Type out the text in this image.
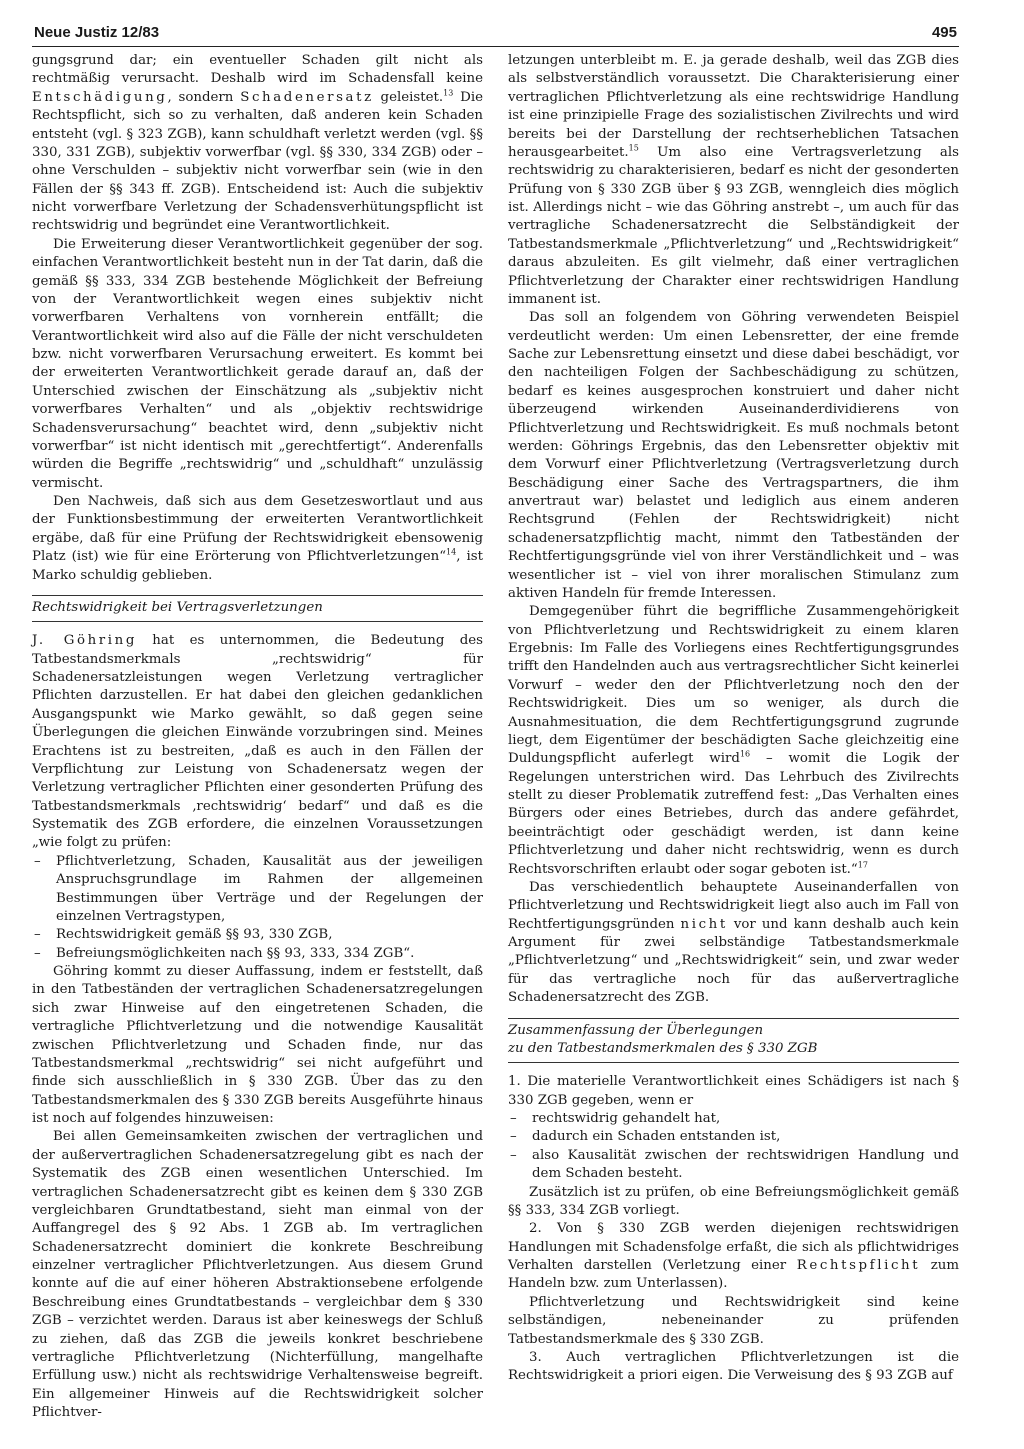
Neue Justiz 12/83	495

gungsgrund dar; ein eventueller Schaden gilt nicht als rechtmäßig verursacht. Deshalb wird im Schadensfall keine Entschädigung, sondern Schadenersatz geleistet.$^{13}$ Die Rechtspflicht, sich so zu verhalten, daß anderen kein Schaden entsteht (vgl. § 323 ZGB), kann schuldhaft verletzt werden (vgl. §§ 330, 331 ZGB), subjektiv vorwerfbar (vgl. §§ 330, 334 ZGB) oder – ohne Verschulden – subjektiv nicht vorwerfbar sein (wie in den Fällen der §§ 343 ff. ZGB). Entscheidend ist: Auch die subjektiv nicht vorwerfbare Verletzung der Schadensverhütungspflicht ist rechtswidrig und begründet eine Verantwortlichkeit.

Die Erweiterung dieser Verantwortlichkeit gegenüber der sog. einfachen Verantwortlichkeit besteht nun in der Tat darin, daß die gemäß §§ 333, 334 ZGB bestehende Möglichkeit der Befreiung von der Verantwortlichkeit wegen eines subjektiv nicht vorwerfbaren Verhaltens von vornherein entfällt; die Verantwortlichkeit wird also auf die Fälle der nicht verschuldeten bzw. nicht vorwerfbaren Verursachung erweitert. Es kommt bei der erweiterten Verantwortlichkeit gerade darauf an, daß der Unterschied zwischen der Einschätzung als „subjektiv nicht vorwerfbares Verhalten“ und als „objektiv rechtswidrige Schadensverursachung“ beachtet wird, denn „subjektiv nicht vorwerfbar“ ist nicht identisch mit „gerechtfertigt“. Anderenfalls würden die Begriffe „rechtswidrig“ und „schuldhaft“ unzulässig vermischt.

Den Nachweis, daß sich aus dem Gesetzeswortlaut und aus der Funktionsbestimmung der erweiterten Verantwortlichkeit ergäbe, daß für eine Prüfung der Rechtswidrigkeit ebensowenig Platz (ist) wie für eine Erörterung von Pflichtverletzungen“$^{14}$, ist Marko schuldig geblieben.

Rechtswidrigkeit bei Vertragsverletzungen

J. Göhring hat es unternommen, die Bedeutung des Tatbestandsmerkmals „rechtswidrig“ für Schadenersatzleistungen wegen Verletzung vertraglicher Pflichten darzustellen. Er hat dabei den gleichen gedanklichen Ausgangspunkt wie Marko gewählt, so daß gegen seine Überlegungen die gleichen Einwände vorzubringen sind. Meines Erachtens ist zu bestreiten, „daß es auch in den Fällen der Verpflichtung zur Leistung von Schadenersatz wegen der Verletzung vertraglicher Pflichten einer gesonderten Prüfung des Tatbestandsmerkmals ‚rechtswidrig‘ bedarf“ und daß es die Systematik des ZGB erfordere, die einzelnen Voraussetzungen „wie folgt zu prüfen:

– Pflichtverletzung, Schaden, Kausalität aus der jeweiligen Anspruchsgrundlage im Rahmen der allgemeinen Bestimmungen über Verträge und der Regelungen der einzelnen Vertragstypen,
– Rechtswidrigkeit gemäß §§ 93, 330 ZGB,
– Befreiungsmöglichkeiten nach §§ 93, 333, 334 ZGB“.

Göhring kommt zu dieser Auffassung, indem er feststellt, daß in den Tatbeständen der vertraglichen Schadenersatzregelungen sich zwar Hinweise auf den eingetretenen Schaden, die vertragliche Pflichtverletzung und die notwendige Kausalität zwischen Pflichtverletzung und Schaden finde, nur das Tatbestandsmerkmal „rechtswidrig“ sei nicht aufgeführt und finde sich ausschließlich in § 330 ZGB. Über das zu den Tatbestandsmerkmalen des § 330 ZGB bereits Ausgeführte hinaus ist noch auf folgendes hinzuweisen:

Bei allen Gemeinsamkeiten zwischen der vertraglichen und der außervertraglichen Schadenersatzregelung gibt es nach der Systematik des ZGB einen wesentlichen Unterschied. Im vertraglichen Schadenersatzrecht gibt es keinen dem § 330 ZGB vergleichbaren Grundtatbestand, sieht man einmal von der Auffangregel des § 92 Abs. 1 ZGB ab. Im vertraglichen Schadenersatzrecht dominiert die konkrete Beschreibung einzelner vertraglicher Pflichtverletzungen. Aus diesem Grund konnte auf die auf einer höheren Abstraktionsebene erfolgende Beschreibung eines Grundtatbestands – vergleichbar dem § 330 ZGB – verzichtet werden. Daraus ist aber keineswegs der Schluß zu ziehen, daß das ZGB die jeweils konkret beschriebene vertragliche Pflichtverletzung (Nichterfüllung, mangelhafte Erfüllung usw.) nicht als rechtswidrige Verhaltensweise begreift. Ein allgemeiner Hinweis auf die Rechtswidrigkeit solcher Pflichtver-

letzungen unterbleibt m. E. ja gerade deshalb, weil das ZGB dies als selbstverständlich voraussetzt. Die Charakterisierung einer vertraglichen Pflichtverletzung als eine rechtswidrige Handlung ist eine prinzipielle Frage des sozialistischen Zivilrechts und wird bereits bei der Darstellung der rechtserheblichen Tatsachen herausgearbeitet.$^{15}$ Um also eine Vertragsverletzung als rechtswidrig zu charakterisieren, bedarf es nicht der gesonderten Prüfung von § 330 ZGB über § 93 ZGB, wenngleich dies möglich ist. Allerdings nicht – wie das Göhring anstrebt –, um auch für das vertragliche Schadenersatzrecht die Selbständigkeit der Tatbestandsmerkmale „Pflichtverletzung“ und „Rechtswidrigkeit“ daraus abzuleiten. Es gilt vielmehr, daß einer vertraglichen Pflichtverletzung der Charakter einer rechtswidrigen Handlung immanent ist.

Das soll an folgendem von Göhring verwendeten Beispiel verdeutlicht werden: Um einen Lebensretter, der eine fremde Sache zur Lebensrettung einsetzt und diese dabei beschädigt, vor den nachteiligen Folgen der Sachbeschädigung zu schützen, bedarf es keines ausgesprochen konstruiert und daher nicht überzeugend wirkenden Auseinanderdividierens von Pflichtverletzung und Rechtswidrigkeit. Es muß nochmals betont werden: Göhrings Ergebnis, das den Lebensretter objektiv mit dem Vorwurf einer Pflichtverletzung (Vertragsverletzung durch Beschädigung einer Sache des Vertragspartners, die ihm anvertraut war) belastet und lediglich aus einem anderen Rechtsgrund (Fehlen der Rechtswidrigkeit) nicht schadenersatzpflichtig macht, nimmt den Tatbeständen der Rechtfertigungsgründe viel von ihrer Verständlichkeit und – was wesentlicher ist – viel von ihrer moralischen Stimulanz zum aktiven Handeln für fremde Interessen.

Demgegenüber führt die begriffliche Zusammengehörigkeit von Pflichtverletzung und Rechtswidrigkeit zu einem klaren Ergebnis: Im Falle des Vorliegens eines Rechtfertigungsgrundes trifft den Handelnden auch aus vertragsrechtlicher Sicht keinerlei Vorwurf – weder den der Pflichtverletzung noch den der Rechtswidrigkeit. Dies um so weniger, als durch die Ausnahmesituation, die dem Rechtfertigungsgrund zugrunde liegt, dem Eigentümer der beschädigten Sache gleichzeitig eine Duldungspflicht auferlegt wird$^{16}$ – womit die Logik der Regelungen unterstrichen wird. Das Lehrbuch des Zivilrechts stellt zu dieser Problematik zutreffend fest: „Das Verhalten eines Bürgers oder eines Betriebes, durch das andere gefährdet, beeinträchtigt oder geschädigt werden, ist dann keine Pflichtverletzung und daher nicht rechtswidrig, wenn es durch Rechtsvorschriften erlaubt oder sogar geboten ist.“$^{17}$

Das verschiedentlich behauptete Auseinanderfallen von Pflichtverletzung und Rechtswidrigkeit liegt also auch im Fall von Rechtfertigungsgründen nicht vor und kann deshalb auch kein Argument für zwei selbständige Tatbestandsmerkmale „Pflichtverletzung“ und „Rechtswidrigkeit“ sein, und zwar weder für das vertragliche noch für das außervertragliche Schadenersatzrecht des ZGB.

Zusammenfassung der Überlegungen
zu den Tatbestandsmerkmalen des § 330 ZGB

1. Die materielle Verantwortlichkeit eines Schädigers ist nach § 330 ZGB gegeben, wenn er

– rechtswidrig gehandelt hat,
– dadurch ein Schaden entstanden ist,
– also Kausalität zwischen der rechtswidrigen Handlung und dem Schaden besteht.

Zusätzlich ist zu prüfen, ob eine Befreiungsmöglichkeit gemäß §§ 333, 334 ZGB vorliegt.

2. Von § 330 ZGB werden diejenigen rechtswidrigen Handlungen mit Schadensfolge erfaßt, die sich als pflichtwidriges Verhalten darstellen (Verletzung einer Rechtspflicht zum Handeln bzw. zum Unterlassen).

Pflichtverletzung und Rechtswidrigkeit sind keine selbständigen, nebeneinander zu prüfenden Tatbestandsmerkmale des § 330 ZGB.

3. Auch vertraglichen Pflichtverletzungen ist die Rechtswidrigkeit a priori eigen. Die Verweisung des § 93 ZGB auf
